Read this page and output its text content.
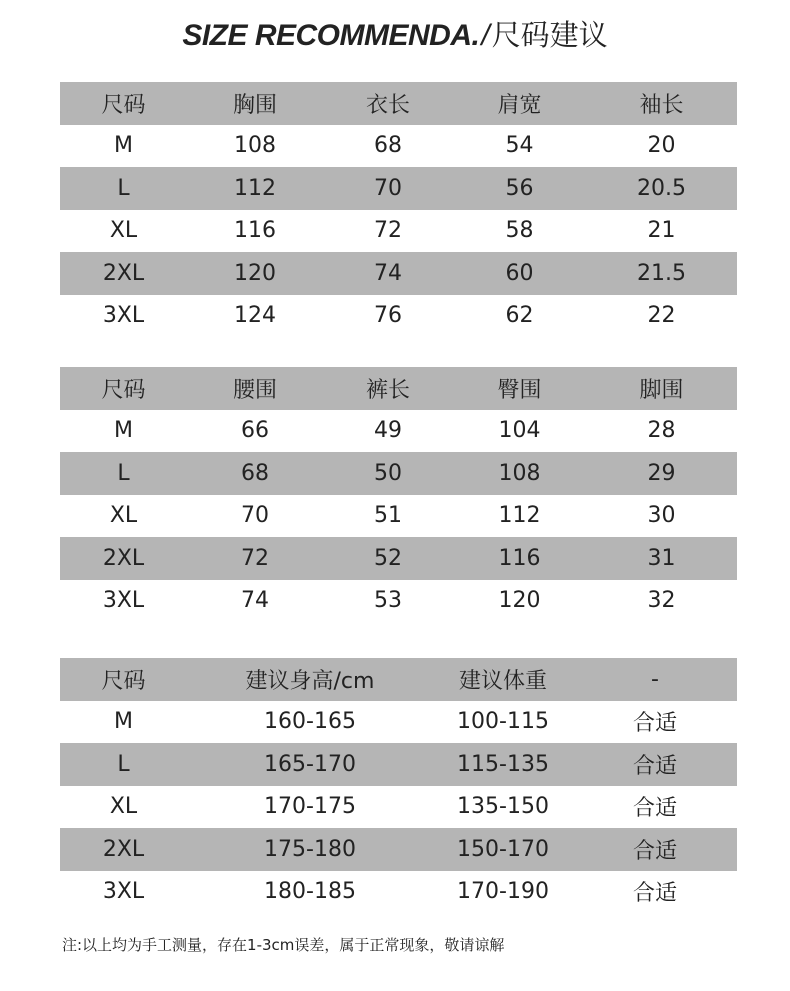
SIZE RECOMMENDA./尺码建议
尺码	胸围	衣长	肩宽	袖长
M	108	68	54	20
L	112	70	56	20.5
XL	116	72	58	21
2XL	120	74	60	21.5
3XL	124	76	62	22
尺码	腰围	裤长	臀围	脚围
M	66	49	104	28
L	68	50	108	29
XL	70	51	112	30
2XL	72	52	116	31
3XL	74	53	120	32
尺码	建议身高/cm	建议体重	-
M	160-165	100-115	合适
L	165-170	115-135	合适
XL	170-175	135-150	合适
2XL	175-180	150-170	合适
3XL	180-185	170-190	合适
注:以上均为手工测量，存在1-3cm误差，属于正常现象，敬请谅解
